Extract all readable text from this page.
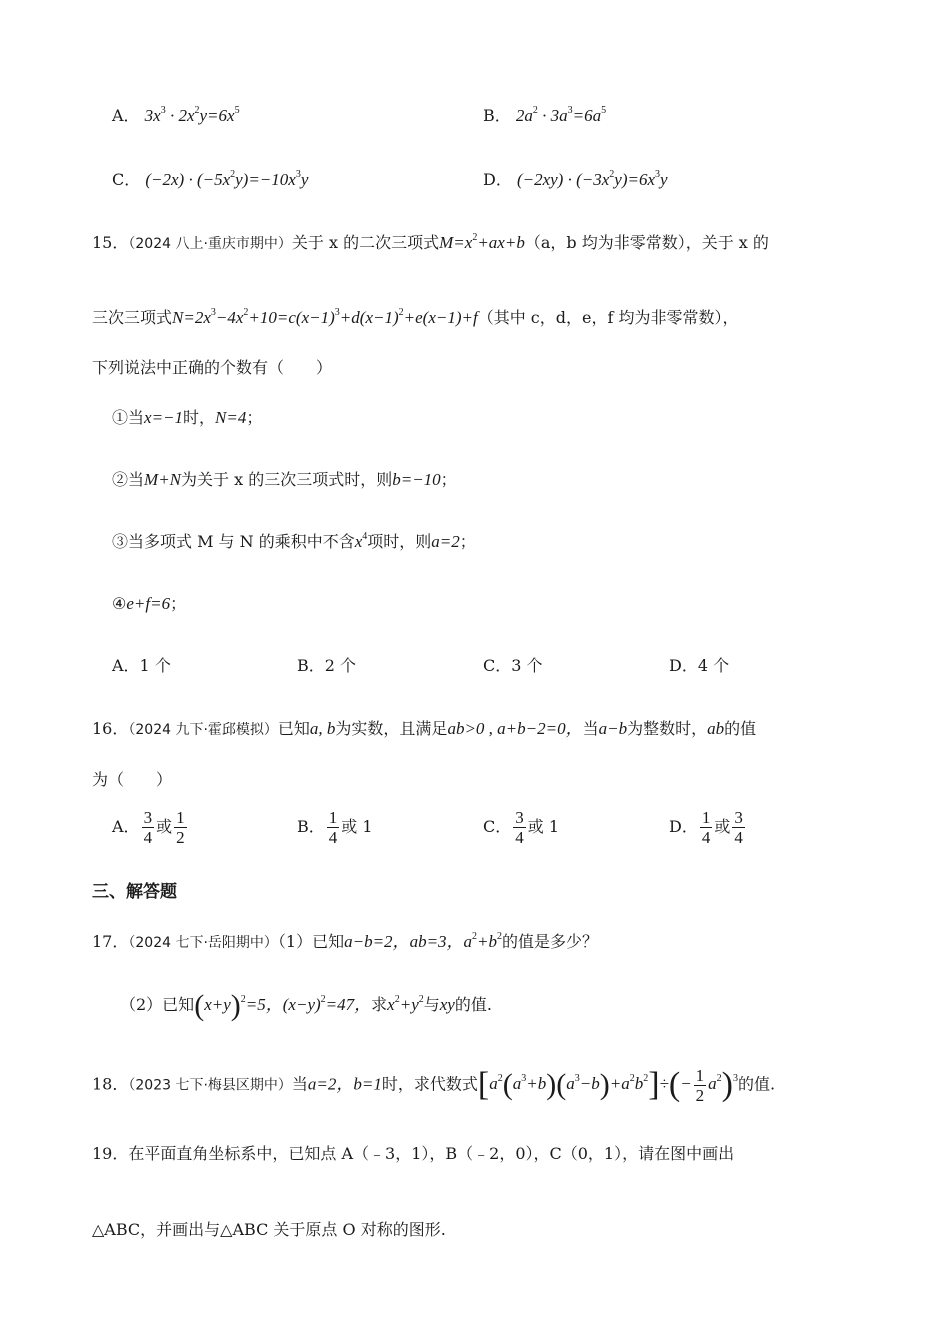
A． $3x^3 \cdot 2x^2y=6x^5$	B． $2a^2 \cdot 3a^3=6a^5$
C． $(-2x) \cdot (-5x^2y)=-10x^3y$	D． $(-2xy) \cdot (-3x^2y)=6x^3y$
15．（2024 八上·重庆市期中）关于 x 的二次三项式$M=x^2+ax+b(a$，b 均为非零常数），关于 x 的
三次三项式$N=2x^3-4x^2+10=c(x-1)^3+d(x-1)^2+e(x-1)+f$（其中 c，d，e，f 均为非零常数），
下列说法中正确的个数有（　　）
①当x=−1时，N=4；
②当M+N为关于 x 的三次三项式时，则b=−10；
③当多项式 M 与 N 的乘积中不含$x^4$项时，则a=2；
④e+f=6；
A．1 个	B．2 个	C．3 个	D．4 个
16．（2024 九下·霍邱模拟）已知a, b为实数，且满足ab>0 , a+b−2=0，当a−b为整数时，ab的值
为（　　）
A． $\frac{3}{4}$ 或 $\frac{1}{2}$	B． $\frac{1}{4}$ 或 1	C． $\frac{3}{4}$ 或 1	D． $\frac{1}{4}$ 或 $\frac{3}{4}$
三、解答题
17．（2024 七下·岳阳期中）（1）已知a−b=2，ab=3，$a^2+b^2$的值是多少？
（2）已知$(x+y)^2=5$，$(x-y)^2=47$，求$x^2+y^2$与xy的值.
18．（2023 七下·梅县区期中）当a=2，b=1时，求代数式$[a^2(a^3+b)(a^3-b)+a^2b^2]\div(- \frac{1}{2} a^2)^3$的值.
19．在平面直角坐标系中，已知点 A（﹣3，1），B（﹣2，0），C（0，1），请在图中画出
△ABC，并画出与△ABC 关于原点 O 对称的图形.
